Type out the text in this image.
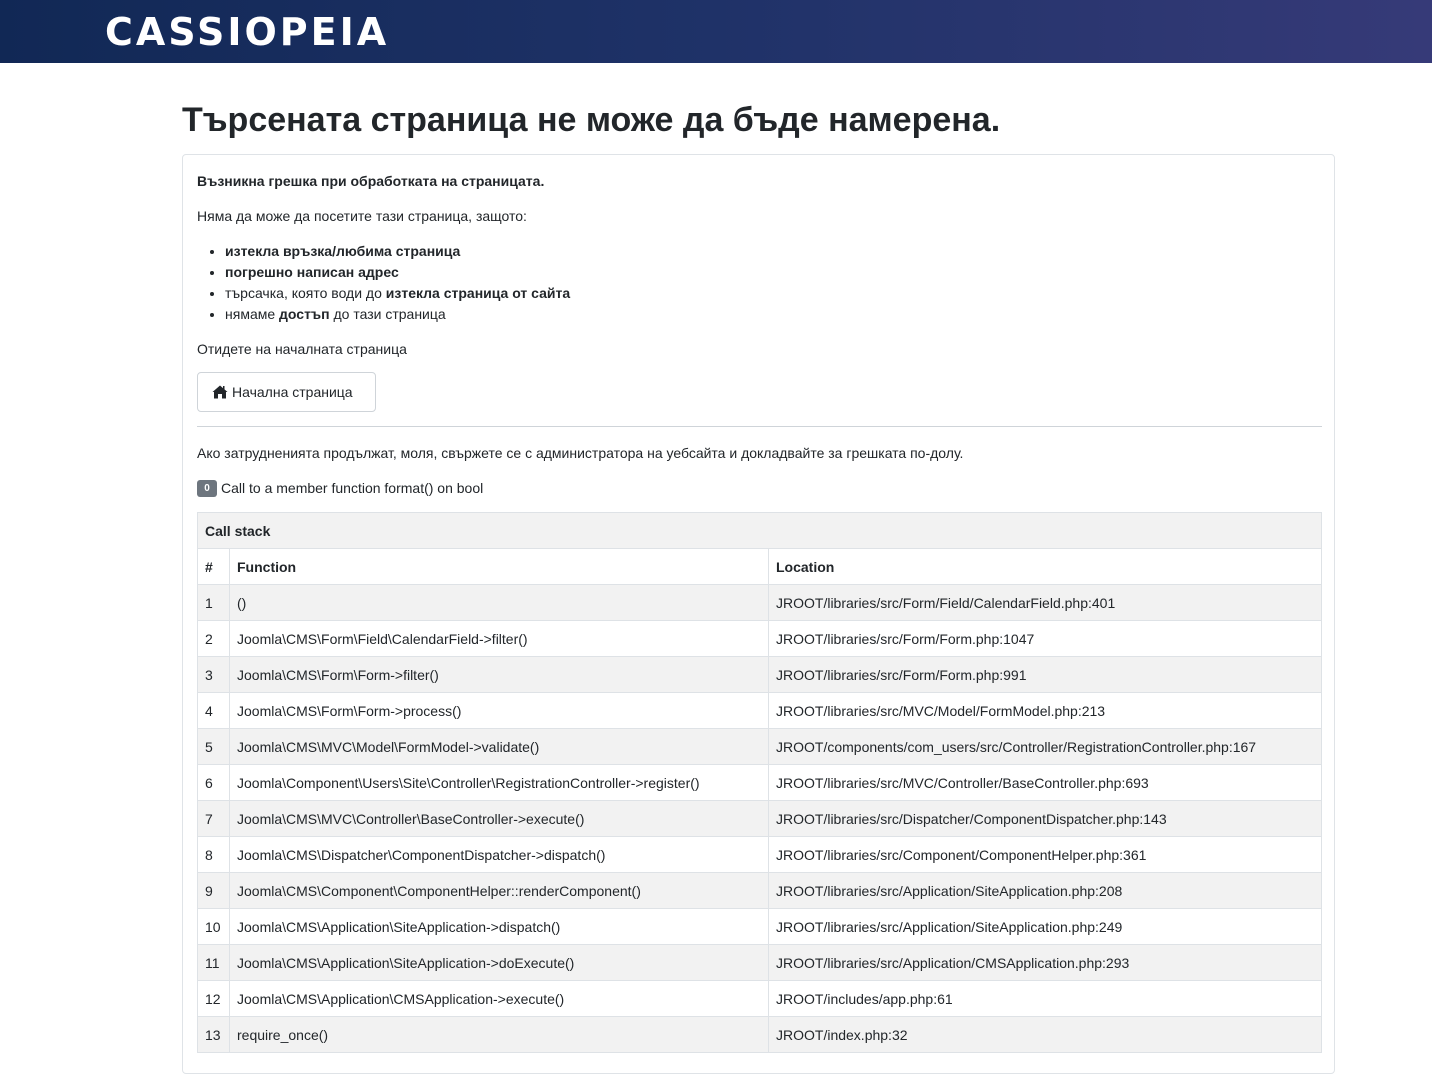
CASSIOPEIA
Търсената страница не може да бъде намерена.
Възникна грешка при обработката на страницата.
Няма да може да посетите тази страница, защото:
• изтекла връзка/любима страница
• погрешно написан адрес
• търсачка, която води до изтекла страница от сайта
• нямаме достъп до тази страница
Отидете на началната страница
Начална страница
Ако затрудненията продължат, моля, свържете се с администратора на уебсайта и докладвайте за грешката по-долу.
0 Call to a member function format() on bool
Call stack		
#	Function	Location
1	()	JROOT/libraries/src/Form/Field/CalendarField.php:401
2	Joomla\CMS\Form\Field\CalendarField->filter()	JROOT/libraries/src/Form/Form.php:1047
3	Joomla\CMS\Form\Form->filter()	JROOT/libraries/src/Form/Form.php:991
4	Joomla\CMS\Form\Form->process()	JROOT/libraries/src/MVC/Model/FormModel.php:213
5	Joomla\CMS\MVC\Model\FormModel->validate()	JROOT/components/com_users/src/Controller/RegistrationController.php:167
6	Joomla\Component\Users\Site\Controller\RegistrationController->register()	JROOT/libraries/src/MVC/Controller/BaseController.php:693
7	Joomla\CMS\MVC\Controller\BaseController->execute()	JROOT/libraries/src/Dispatcher/ComponentDispatcher.php:143
8	Joomla\CMS\Dispatcher\ComponentDispatcher->dispatch()	JROOT/libraries/src/Component/ComponentHelper.php:361
9	Joomla\CMS\Component\ComponentHelper::renderComponent()	JROOT/libraries/src/Application/SiteApplication.php:208
10	Joomla\CMS\Application\SiteApplication->dispatch()	JROOT/libraries/src/Application/SiteApplication.php:249
11	Joomla\CMS\Application\SiteApplication->doExecute()	JROOT/libraries/src/Application/CMSApplication.php:293
12	Joomla\CMS\Application\CMSApplication->execute()	JROOT/includes/app.php:61
13	require_once()	JROOT/index.php:32
